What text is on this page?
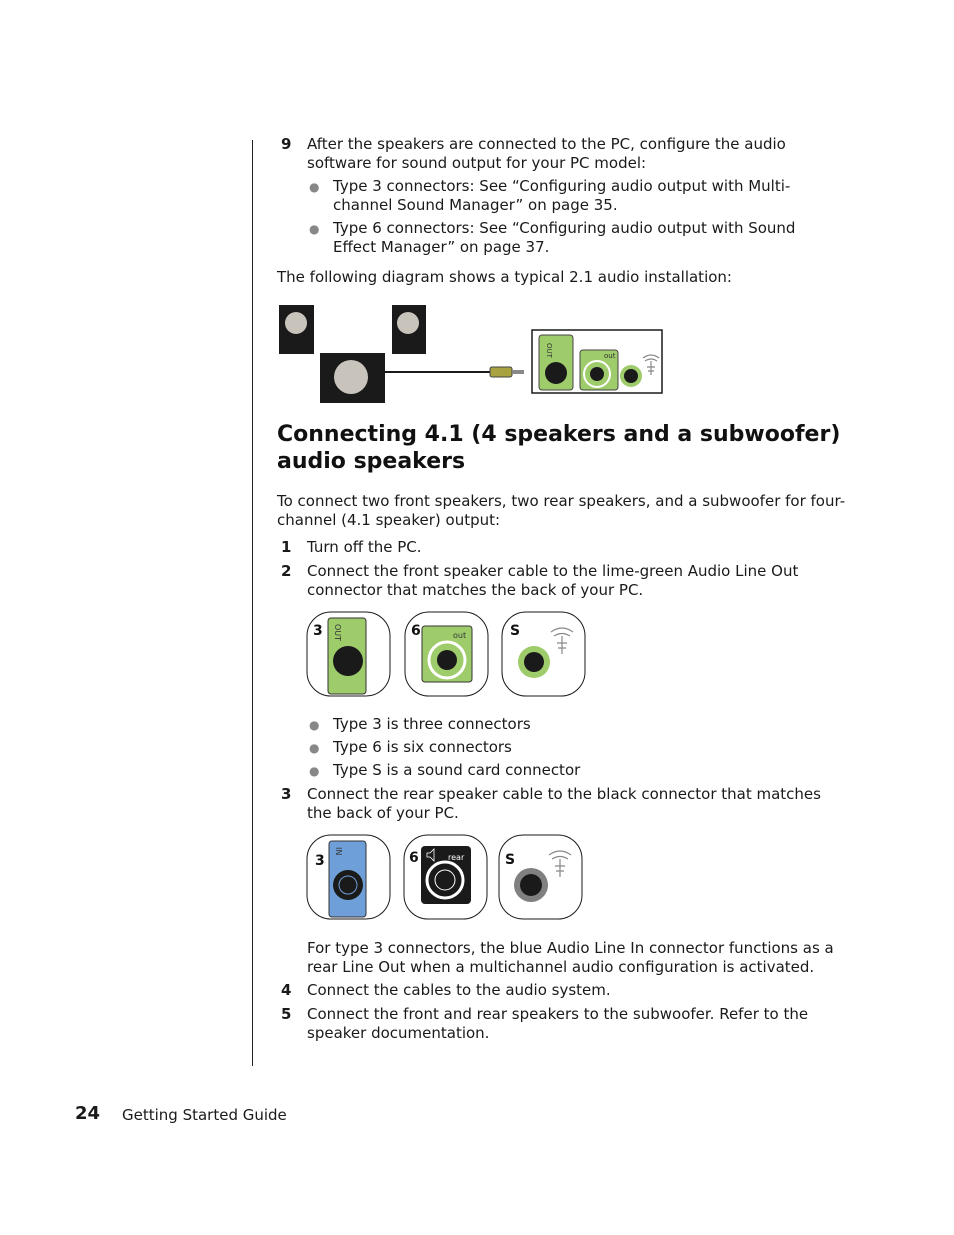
9 After the speakers are connected to the PC, configure the audio software for sound output for your PC model:
● Type 3 connectors: See “Configuring audio output with Multi-channel Sound Manager” on page 35.
● Type 6 connectors: See “Configuring audio output with Sound Effect Manager” on page 37.
The following diagram shows a typical 2.1 audio installation:
OUT	out
Connecting 4.1 (4 speakers and a subwoofer) audio speakers
To connect two front speakers, two rear speakers, and a subwoofer for four-channel (4.1 speaker) output:
1 Turn off the PC.
2 Connect the front speaker cable to the lime-green Audio Line Out connector that matches the back of your PC.
3 OUT	6	out	S
● Type 3 is three connectors
● Type 6 is six connectors
● Type S is a sound card connector
3 Connect the rear speaker cable to the black connector that matches the back of your PC.
3
IN	6	rear	S
For type 3 connectors, the blue Audio Line In connector functions as a rear Line Out when a multichannel audio configuration is activated.
4 Connect the cables to the audio system.
5 Connect the front and rear speakers to the subwoofer. Refer to the speaker documentation.
24 Getting Started Guide
